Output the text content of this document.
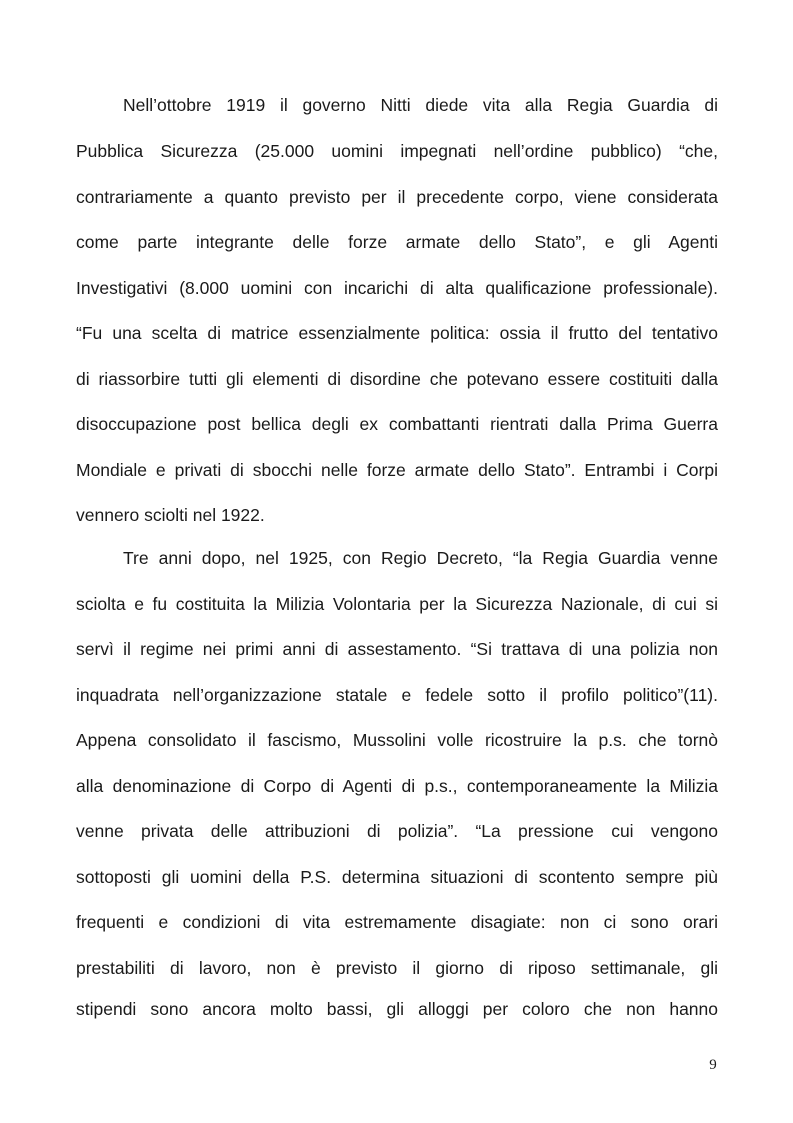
Nell’ottobre 1919 il governo Nitti diede vita alla Regia Guardia di
Pubblica Sicurezza (25.000 uomini impegnati nell’ordine pubblico) “che,
contrariamente a quanto previsto per il precedente corpo, viene considerata
come parte integrante delle forze armate dello Stato”, e gli Agenti
Investigativi (8.000 uomini con incarichi di alta qualificazione professionale).
“Fu una scelta di matrice essenzialmente politica: ossia il frutto del tentativo
di riassorbire tutti gli elementi di disordine che potevano essere costituiti dalla
disoccupazione post bellica degli ex combattanti rientrati dalla Prima Guerra
Mondiale e privati di sbocchi nelle forze armate dello Stato”. Entrambi i Corpi
vennero sciolti nel 1922.
Tre anni dopo, nel 1925, con Regio Decreto, “la Regia Guardia venne
sciolta e fu costituita la Milizia Volontaria per la Sicurezza Nazionale, di cui si
servì il regime nei primi anni di assestamento. “Si trattava di una polizia non
inquadrata nell’organizzazione statale e fedele sotto il profilo politico”(11).
Appena consolidato il fascismo, Mussolini volle ricostruire la p.s. che tornò
alla denominazione di Corpo di Agenti di p.s., contemporaneamente la Milizia
venne privata delle attribuzioni di polizia”. “La pressione cui vengono
sottoposti gli uomini della P.S. determina situazioni di scontento sempre più
frequenti e condizioni di vita estremamente disagiate: non ci sono orari
prestabiliti di lavoro, non è previsto il giorno di riposo settimanale, gli
stipendi sono ancora molto bassi, gli alloggi per coloro che non hanno
9
